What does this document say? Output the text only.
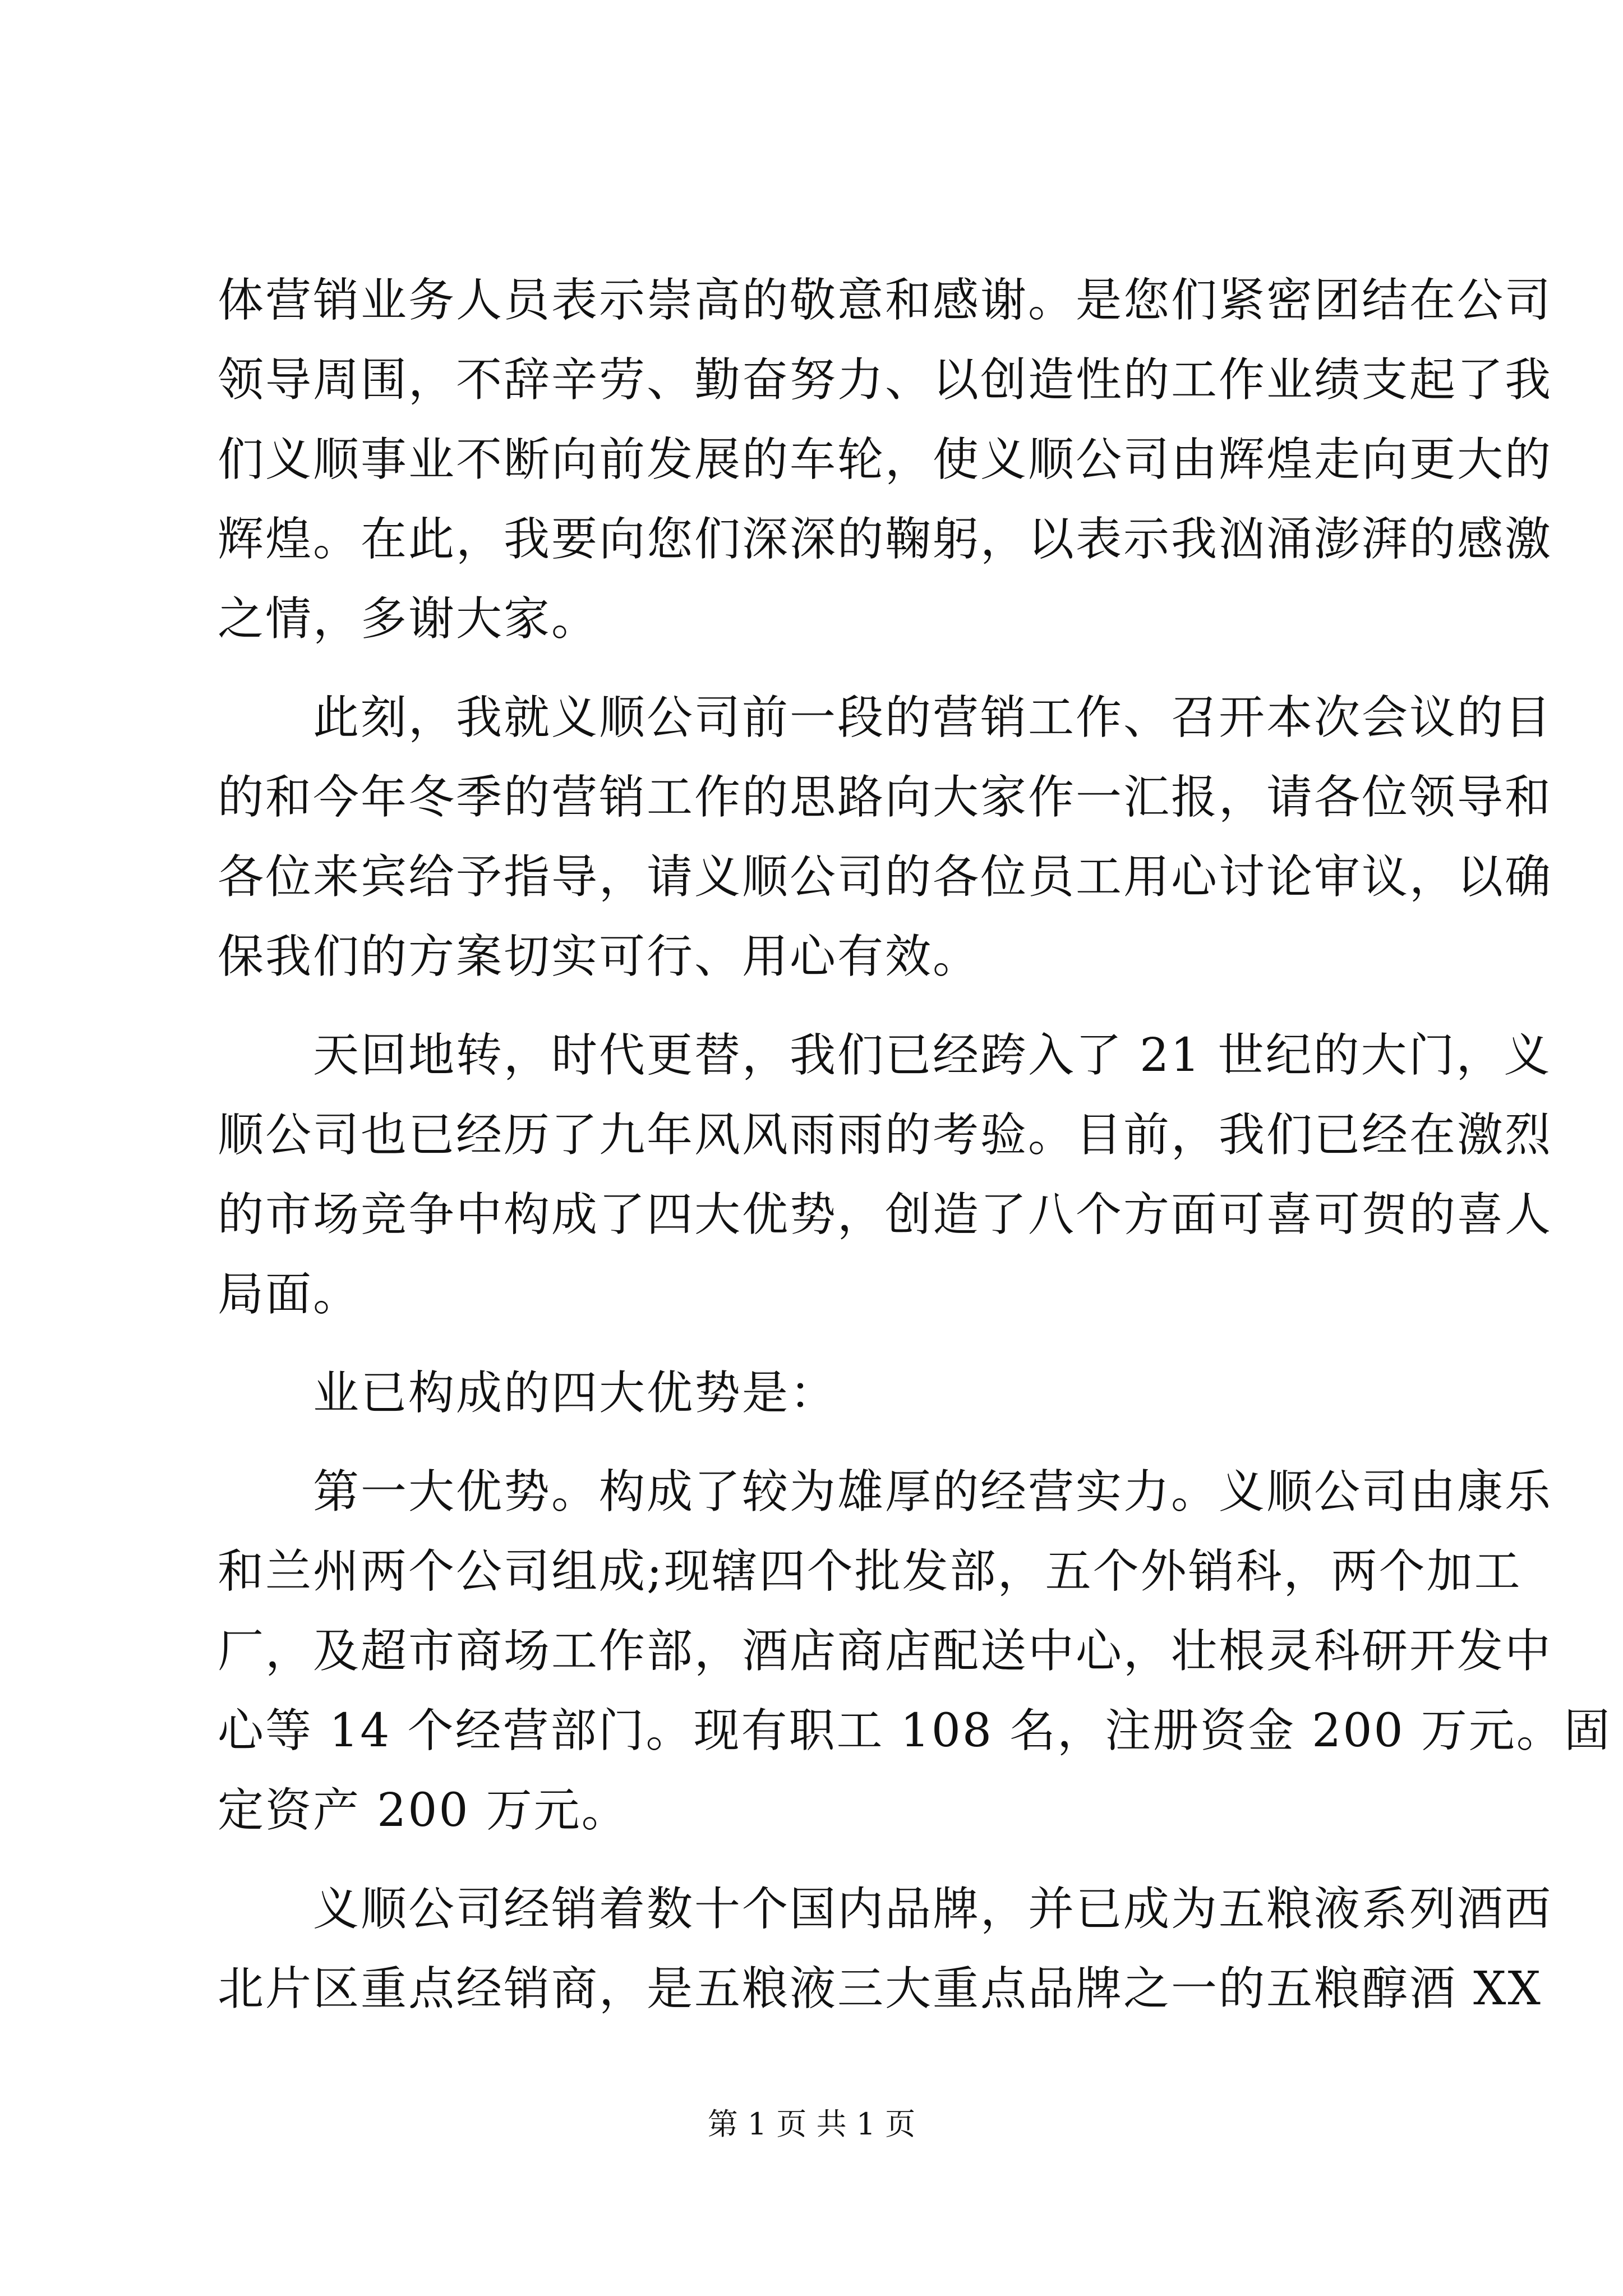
体营销业务人员表示崇高的敬意和感谢。是您们紧密团结在公司
领导周围，不辞辛劳、勤奋努力、以创造性的工作业绩支起了我
们义顺事业不断向前发展的车轮，使义顺公司由辉煌走向更大的
辉煌。在此，我要向您们深深的鞠躬，以表示我汹涌澎湃的感激
之情，多谢大家。
　　此刻，我就义顺公司前一段的营销工作、召开本次会议的目
的和今年冬季的营销工作的思路向大家作一汇报，请各位领导和
各位来宾给予指导，请义顺公司的各位员工用心讨论审议，以确
保我们的方案切实可行、用心有效。
　　天回地转，时代更替，我们已经跨入了 21 世纪的大门，义
顺公司也已经历了九年风风雨雨的考验。目前，我们已经在激烈
的市场竞争中构成了四大优势，创造了八个方面可喜可贺的喜人
局面。
　　业已构成的四大优势是：
　　第一大优势。构成了较为雄厚的经营实力。义顺公司由康乐
和兰州两个公司组成;现辖四个批发部，五个外销科，两个加工
厂，及超市商场工作部，酒店商店配送中心，壮根灵科研开发中
心等 14 个经营部门。现有职工 108 名，注册资金 200 万元。固
定资产 200 万元。
　　义顺公司经销着数十个国内品牌，并已成为五粮液系列酒西
北片区重点经销商，是五粮液三大重点品牌之一的五粮醇酒 XX
第 1 页 共 1 页
